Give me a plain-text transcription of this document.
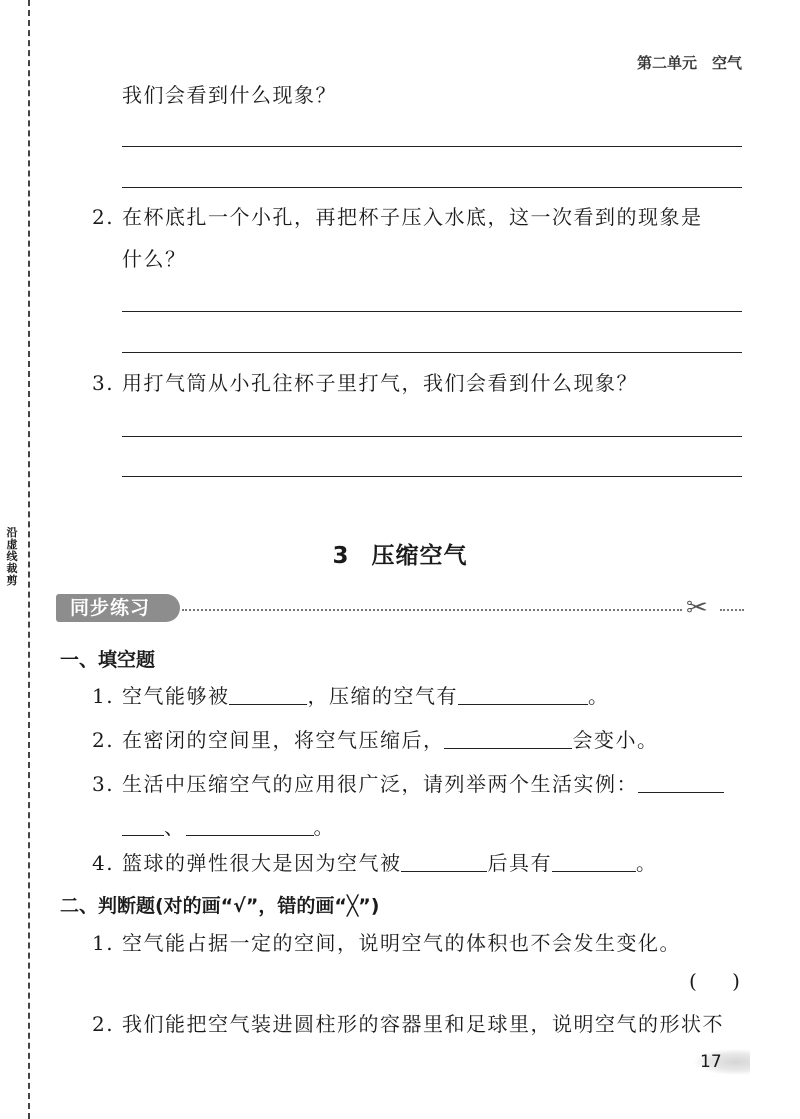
沿虚线裁剪
第二单元　空气
我们会看到什么现象？
2. 在杯底扎一个小孔，再把杯子压入水底，这一次看到的现象是
什么？
3. 用打气筒从小孔往杯子里打气，我们会看到什么现象？
3 压缩空气
同步练习	✂
一、填空题
1. 空气能够被	，压缩的空气有	。
2. 在密闭的空间里，将空气压缩后，	会变小。
3. 生活中压缩空气的应用很广泛，请列举两个生活实例：
、	。
4. 篮球的弹性很大是因为空气被	后具有	。
二、判断题(对的画“√”，错的画“╳”)
1. 空气能占据一定的空间，说明空气的体积也不会发生变化。
(    )
2. 我们能把空气装进圆柱形的容器里和足球里，说明空气的形状不
17
